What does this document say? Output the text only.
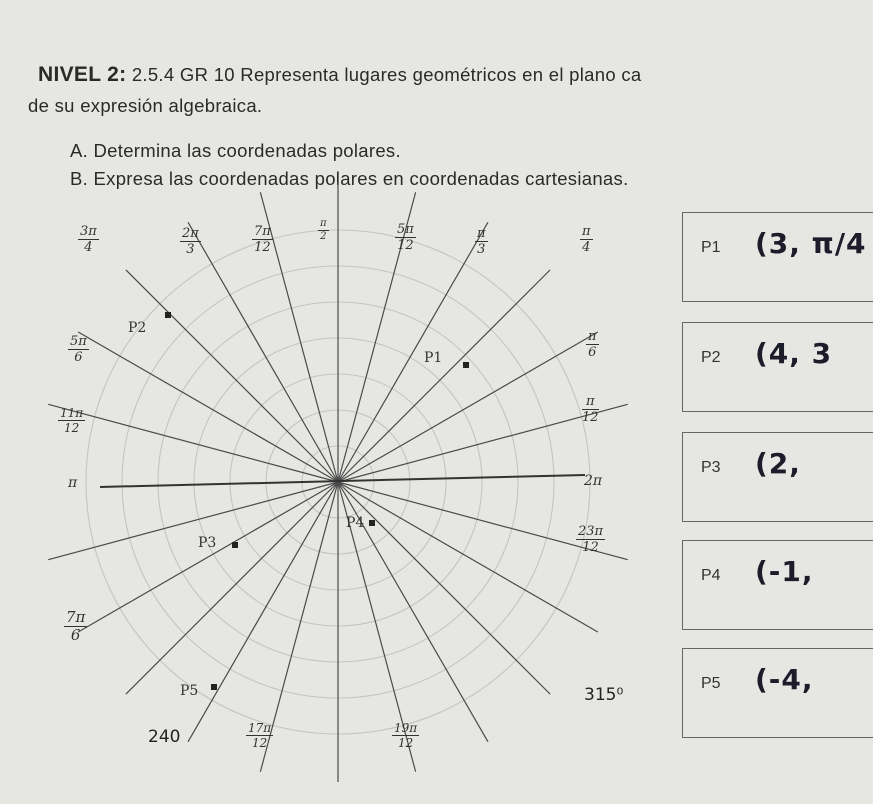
NIVEL 2: 2.5.4 GR 10 Representa lugares geométricos en el plano ca
de su expresión algebraica.
A. Determina las coordenadas polares.
B. Expresa las coordenadas polares en coordenadas cartesianas.
$\frac{3\pi}{4}$	$\frac{2\pi}{3}$	$\frac{7\pi}{12}$	$\frac{\pi}{2}$	$\frac{5\pi}{12}$	$\frac{\pi}{3}$	$\frac{\pi}{4}$
$\frac{5\pi}{6}$	$\frac{\pi}{6}$
$\frac{11\pi}{12}$	$\frac{\pi}{12}$
$\frac{23\pi}{12}$
$\frac{7\pi}{6}$
$\frac{17\pi}{12}$	$\frac{19\pi}{12}$
π	2π
240
315⁰
P2
P1
P3
P4
P5
P1 (3, π/4
P2 (4, 3
P3 (2,
P4 (-1,
P5 (-4,
